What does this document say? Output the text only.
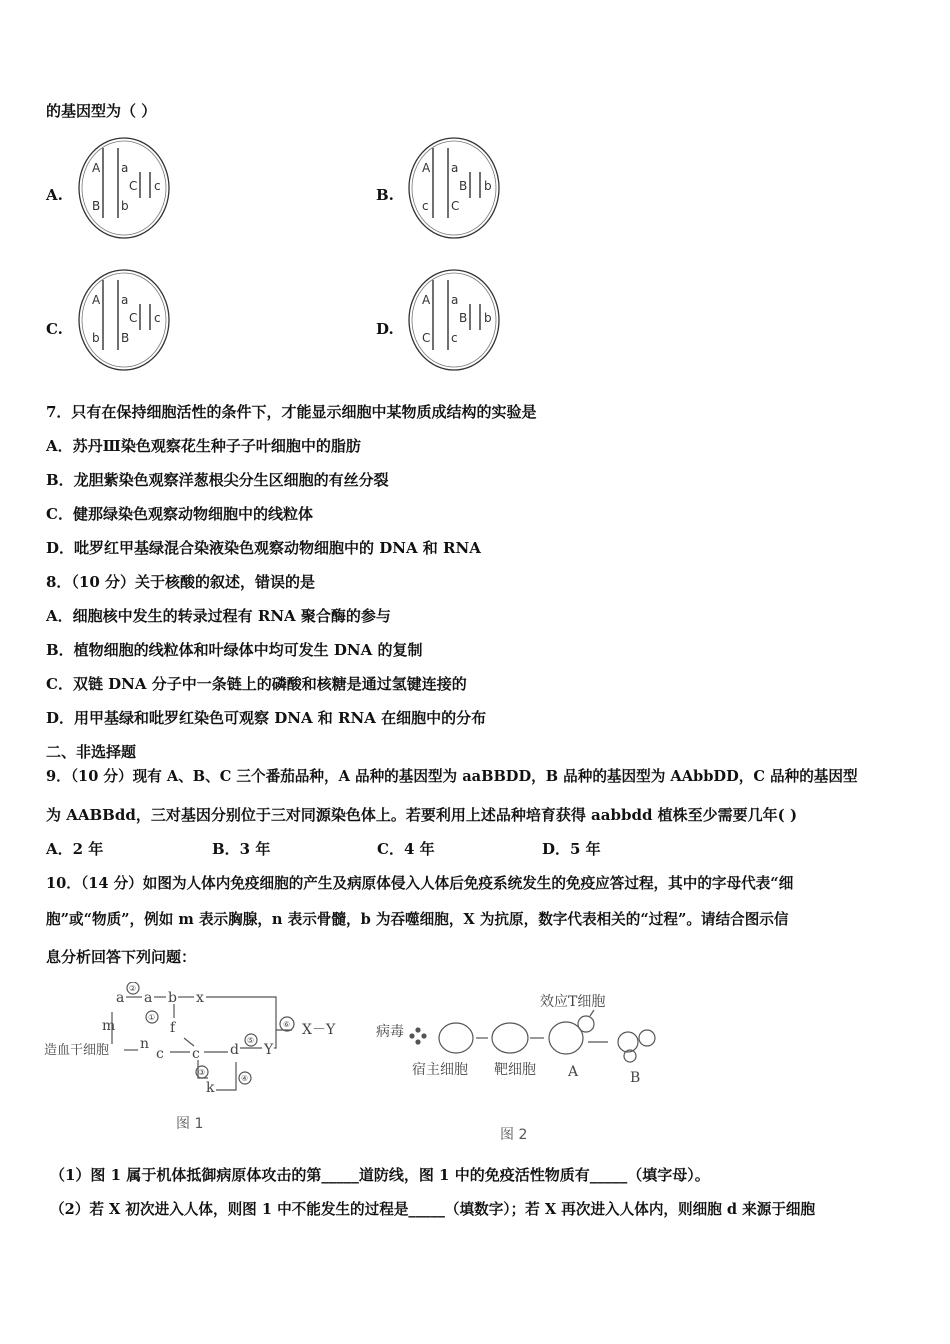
的基因型为（ ）
A.
A
B
a
b
C c	B.
A
c
a
C
B b
C.
A
b
a
B
C c
D.
A
C
a
c
B b
7．只有在保持细胞活性的条件下，才能显示细胞中某物质成结构的实验是
A．苏丹Ⅲ染色观察花生种子子叶细胞中的脂肪
B．龙胆紫染色观察洋葱根尖分生区细胞的有丝分裂
C．健那绿染色观察动物细胞中的线粒体
D．吡罗红甲基绿混合染液染色观察动物细胞中的 DNA 和 RNA
8．（10 分）关于核酸的叙述，错误的是
A．细胞核中发生的转录过程有 RNA 聚合酶的参与
B．植物细胞的线粒体和叶绿体中均可发生 DNA 的复制
C．双链 DNA 分子中一条链上的磷酸和核糖是通过氢键连接的
D．用甲基绿和吡罗红染色可观察 DNA 和 RNA 在细胞中的分布
二、非选择题
9．（10 分）现有 A、B、C 三个番茄品种，A 品种的基因型为 aaBBDD，B 品种的基因型为 AAbbDD，C 品种的基因型
为 AABBdd，三对基因分别位于三对同源染色体上。若要利用上述品种培育获得 aabbdd 植株至少需要几年( )
A．2 年	B．3 年	C．4 年	D．5 年
10．（14 分）如图为人体内免疫细胞的产生及病原体侵入人体后免疫系统发生的免疫应答过程，其中的字母代表“细
胞”或“物质”，例如 m 表示胸腺，n 表示骨髓，b 为吞噬细胞，X 为抗原，数字代表相关的“过程”。请结合图示信
息分析回答下列问题：
a a b x
m	f
造血干细胞 n
c c d Y
k
X－Y
②
①
③
④
⑤
⑥
图 1
病毒
效应T细胞
宿主细胞 靶细胞 A	B
图 2
（1）图 1 属于机体抵御病原体攻击的第_____道防线，图 1 中的免疫活性物质有_____（填字母）。
（2）若 X 初次进入人体，则图 1 中不能发生的过程是_____（填数字）；若 X 再次进入人体内，则细胞 d 来源于细胞
